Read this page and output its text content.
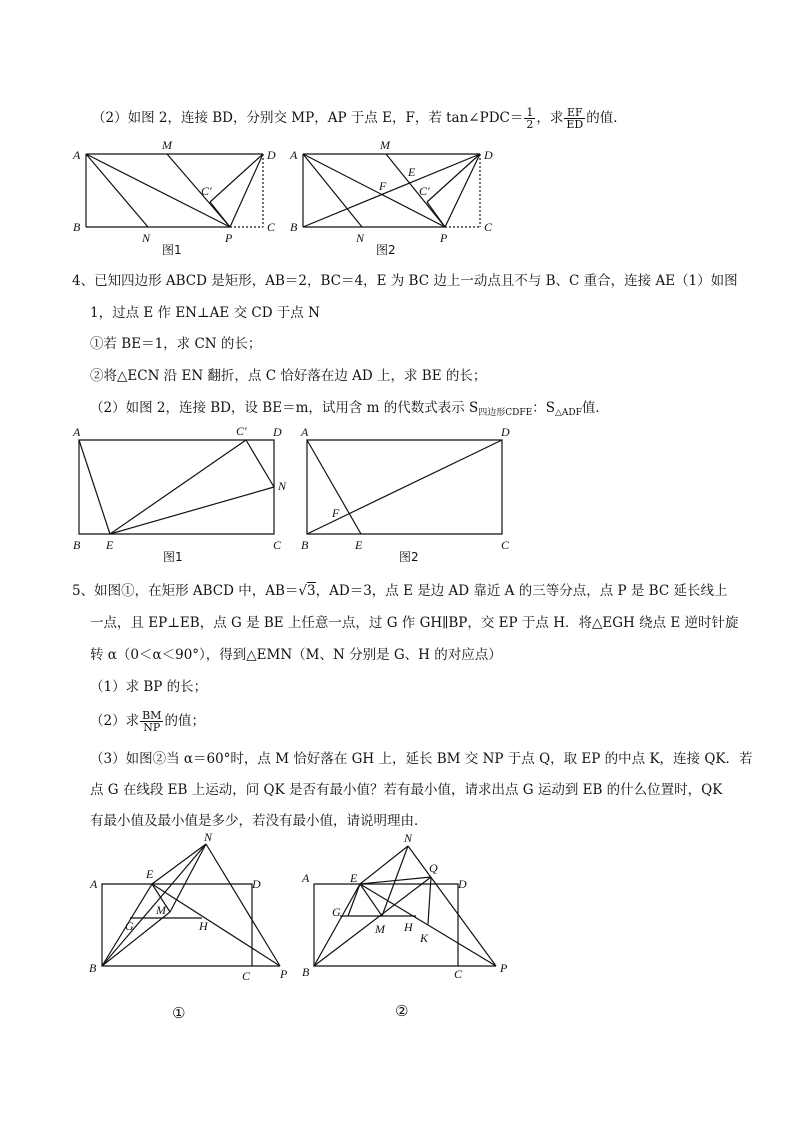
（2）如图 2，连接 BD，分别交 MP，AP 于点 E，F，若 tan∠PDC＝ $\frac{1}{2}$ ，求 $\frac{EF}{ED}$ 的值．
A
M
D
C′
B
N	P
C
图1
A
M
D
E
F	C′
B
N	P
C
图2
4、已知四边形 ABCD 是矩形，AB＝2，BC＝4，E 为 BC 边上一动点且不与 B、C 重合，连接 AE（1）如图
1，过点 E 作 EN⊥AE 交 CD 于点 N
①若 BE＝1，求 CN 的长；
②将△ECN 沿 EN 翻折，点 C 恰好落在边 AD 上，求 BE 的长；
（2）如图 2，连接 BD，设 BE＝m，试用含 m 的代数式表示 $S_{四边形CDFE}$：$S_{\triangle ADF}$值．
A	C′ D
N
B E	C
图1
A	D
F
B	E	C
图2
5、如图①，在矩形 ABCD 中，AB＝√3，AD＝3，点 E 是边 AD 靠近 A 的三等分点，点 P 是 BC 延长线上
一点，且 EP⊥EB，点 G 是 BE 上任意一点，过 G 作 GH∥BP，交 EP 于点 H．将△EGH 绕点 E 逆时针旋
转 α（0＜α＜90°），得到△EMN（M、N 分别是 G、H 的对应点）
（1）求 BP 的长；
（2）求 $\frac{BM}{NP}$ 的值；
（3）如图②当 α＝60°时，点 M 恰好落在 GH 上，延长 BM 交 NP 于点 Q，取 EP 的中点 K，连接 QK．若
点 G 在线段 EB 上运动，问 QK 是否有最小值？若有最小值，请求出点 G 运动到 EB 的什么位置时，QK
有最小值及最小值是多少，若没有最小值，请说明理由．
N
A
E
D
M
G	H
B
C P
①
N
Q
A	E	D
G
M H
K
B	C	P
②
